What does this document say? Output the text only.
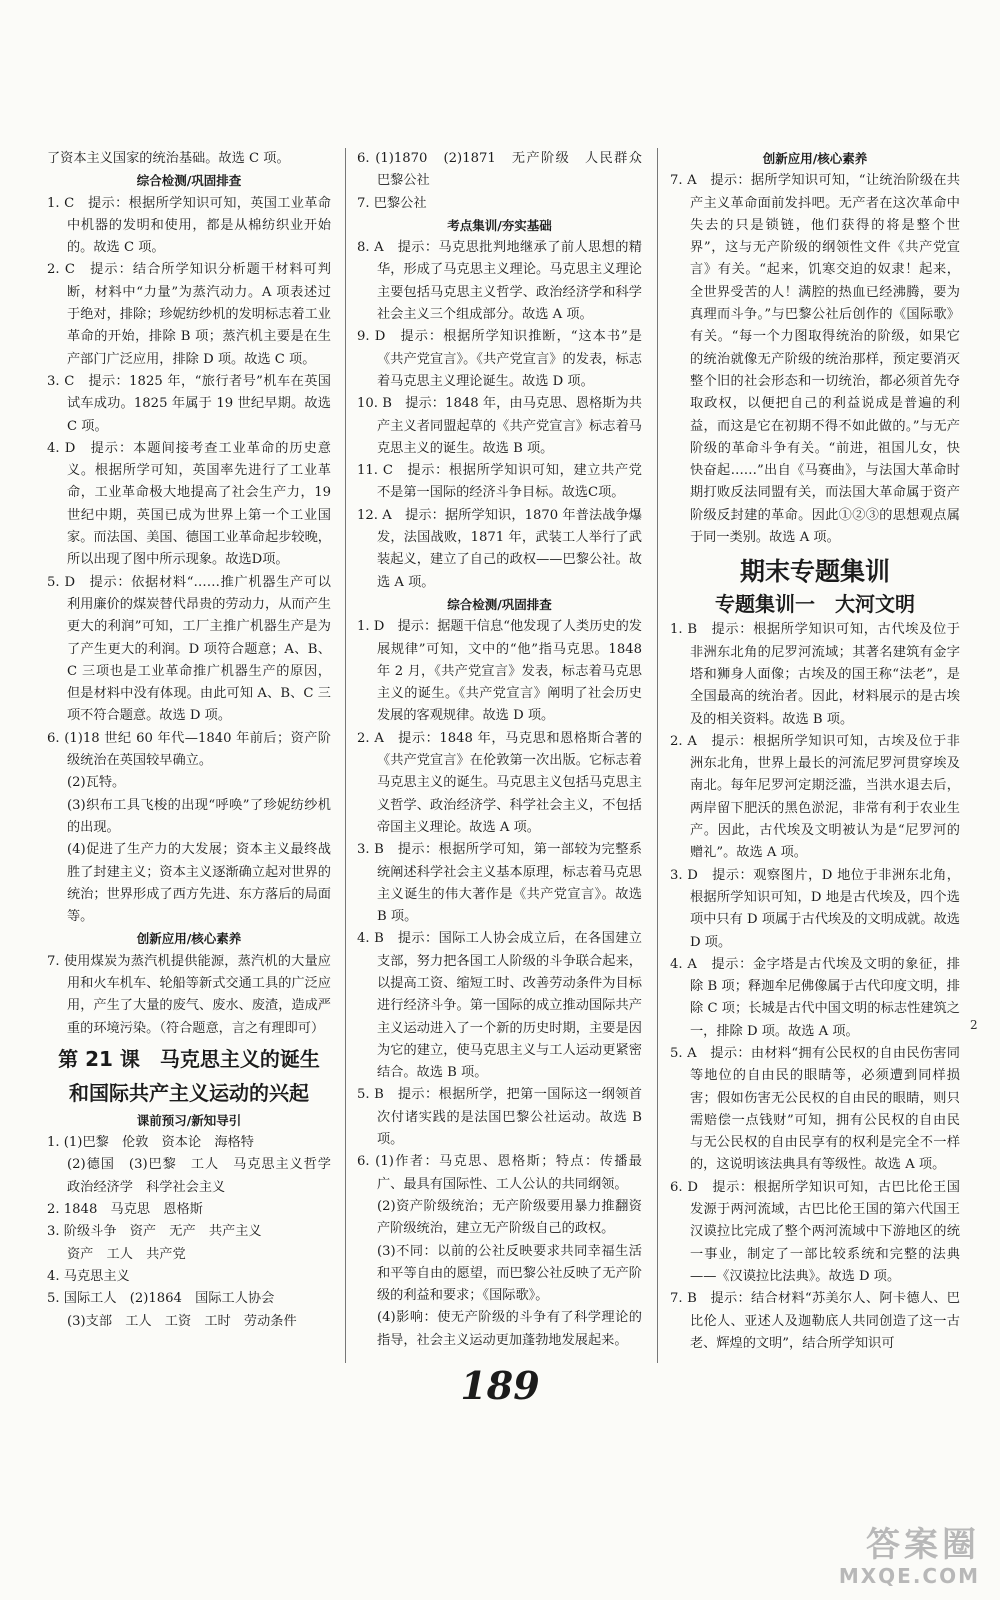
了资本主义国家的统治基础。故选 C 项。
综合检测/巩固排查
1. C　提示：根据所学知识可知，英国工业革命中机器的发明和使用，都是从棉纺织业开始的。故选 C 项。
2. C　提示：结合所学知识分析题干材料可判断，材料中“力量”为蒸汽动力。A 项表述过于绝对，排除；珍妮纺纱机的发明标志着工业革命的开始，排除 B 项；蒸汽机主要是在生产部门广泛应用，排除 D 项。故选 C 项。
3. C　提示：1825 年，“旅行者号”机车在英国试车成功。1825 年属于 19 世纪早期。故选 C 项。
4. D　提示：本题间接考查工业革命的历史意义。根据所学可知，英国率先进行了工业革命，工业革命极大地提高了社会生产力，19 世纪中期，英国已成为世界上第一个工业国家。而法国、美国、德国工业革命起步较晚，所以出现了图中所示现象。故选D项。
5. D　提示：依据材料“……推广机器生产可以利用廉价的煤炭替代昂贵的劳动力，从而产生更大的利润”可知，工厂主推广机器生产是为了产生更大的利润。D 项符合题意；A、B、C 三项也是工业革命推广机器生产的原因，但是材料中没有体现。由此可知 A、B、C 三项不符合题意。故选 D 项。
6. (1)18 世纪 60 年代—1840 年前后；资产阶级统治在英国较早确立。
(2)瓦特。
(3)织布工具飞梭的出现“呼唤”了珍妮纺纱机的出现。
(4)促进了生产力的大发展；资本主义最终战胜了封建主义；资本主义逐渐确立起对世界的统治；世界形成了西方先进、东方落后的局面等。
创新应用/核心素养
7. 使用煤炭为蒸汽机提供能源，蒸汽机的大量应用和火车机车、轮船等新式交通工具的广泛应用，产生了大量的废气、废水、废渣，造成严重的环境污染。（符合题意，言之有理即可）
第 21 课　马克思主义的诞生
和国际共产主义运动的兴起
课前预习/新知导引
1. (1)巴黎　伦敦　资本论　海格特
(2)德国　(3)巴黎　工人　马克思主义哲学　政治经济学　科学社会主义
2. 1848　马克思　恩格斯
3. 阶级斗争　资产　无产　共产主义
资产　工人　共产党
4. 马克思主义
5. 国际工人　(2)1864　国际工人协会
(3)支部　工人　工资　工时　劳动条件
6. (1)1870　(2)1871　无产阶级　人民群众　巴黎公社
7. 巴黎公社
考点集训/夯实基础
8. A　提示：马克思批判地继承了前人思想的精华，形成了马克思主义理论。马克思主义理论主要包括马克思主义哲学、政治经济学和科学社会主义三个组成部分。故选 A 项。
9. D　提示：根据所学知识推断，“这本书”是《共产党宣言》。《共产党宣言》的发表，标志着马克思主义理论诞生。故选 D 项。
10. B　提示：1848 年，由马克思、恩格斯为共产主义者同盟起草的《共产党宣言》标志着马克思主义的诞生。故选 B 项。
11. C　提示：根据所学知识可知，建立共产党不是第一国际的经济斗争目标。故选C项。
12. A　提示：据所学知识，1870 年普法战争爆发，法国战败，1871 年，武装工人举行了武装起义，建立了自己的政权——巴黎公社。故选 A 项。
综合检测/巩固排查
1. D　提示：据题干信息“他发现了人类历史的发展规律”可知，文中的“他”指马克思。1848 年 2 月，《共产党宣言》发表，标志着马克思主义的诞生。《共产党宣言》阐明了社会历史发展的客观规律。故选 D 项。
2. A　提示：1848 年，马克思和恩格斯合著的《共产党宣言》在伦敦第一次出版。它标志着马克思主义的诞生。马克思主义包括马克思主义哲学、政治经济学、科学社会主义，不包括帝国主义理论。故选 A 项。
3. B　提示：根据所学可知，第一部较为完整系统阐述科学社会主义基本原理，标志着马克思主义诞生的伟大著作是《共产党宣言》。故选 B 项。
4. B　提示：国际工人协会成立后，在各国建立支部，努力把各国工人阶级的斗争联合起来，以提高工资、缩短工时、改善劳动条件为目标进行经济斗争。第一国际的成立推动国际共产主义运动进入了一个新的历史时期，主要是因为它的建立，使马克思主义与工人运动更紧密结合。故选 B 项。
5. B　提示：根据所学，把第一国际这一纲领首次付诸实践的是法国巴黎公社运动。故选 B 项。
6. (1)作者：马克思、恩格斯；特点：传播最广、最具有国际性、工人公认的共同纲领。
(2)资产阶级统治；无产阶级要用暴力推翻资产阶级统治，建立无产阶级自己的政权。
(3)不同：以前的公社反映要求共同幸福生活和平等自由的愿望，而巴黎公社反映了无产阶级的利益和要求；《国际歌》。
(4)影响：使无产阶级的斗争有了科学理论的指导，社会主义运动更加蓬勃地发展起来。
创新应用/核心素养
7. A　提示：据所学知识可知，“让统治阶级在共产主义革命面前发抖吧。无产者在这次革命中失去的只是锁链，他们获得的将是整个世界”，这与无产阶级的纲领性文件《共产党宣言》有关。“起来，饥寒交迫的奴隶！起来，全世界受苦的人！满腔的热血已经沸腾，要为真理而斗争。”与巴黎公社后创作的《国际歌》有关。“每一个力图取得统治的阶级，如果它的统治就像无产阶级的统治那样，预定要消灭整个旧的社会形态和一切统治，都必须首先夺取政权，以便把自己的利益说成是普遍的利益，而这是它在初期不得不如此做的。”与无产阶级的革命斗争有关。“前进，祖国儿女，快快奋起……”出自《马赛曲》，与法国大革命时期打败反法同盟有关，而法国大革命属于资产阶级反封建的革命。因此①②③的思想观点属于同一类别。故选 A 项。
期末专题集训
专题集训一　大河文明
1. B　提示：根据所学知识可知，古代埃及位于非洲东北角的尼罗河流域；其著名建筑有金字塔和狮身人面像；古埃及的国王称“法老”，是全国最高的统治者。因此，材料展示的是古埃及的相关资料。故选 B 项。
2. A　提示：根据所学知识可知，古埃及位于非洲东北角，世界上最长的河流尼罗河贯穿埃及南北。每年尼罗河定期泛滥，当洪水退去后，两岸留下肥沃的黑色淤泥，非常有利于农业生产。因此，古代埃及文明被认为是“尼罗河的赠礼”。故选 A 项。
3. D　提示：观察图片，D 地位于非洲东北角，根据所学知识可知，D 地是古代埃及，四个选项中只有 D 项属于古代埃及的文明成就。故选 D 项。
4. A　提示：金字塔是古代埃及文明的象征，排除 B 项；释迦牟尼佛像属于古代印度文明，排除 C 项；长城是古代中国文明的标志性建筑之一，排除 D 项。故选 A 项。
5. A　提示：由材料“拥有公民权的自由民伤害同等地位的自由民的眼睛等，必须遭到同样损害；假如伤害无公民权的自由民的眼睛，则只需赔偿一点钱财”可知，拥有公民权的自由民与无公民权的自由民享有的权利是完全不一样的，这说明该法典具有等级性。故选 A 项。
6. D　提示：根据所学知识可知，古巴比伦王国发源于两河流域，古巴比伦王国的第六代国王汉谟拉比完成了整个两河流域中下游地区的统一事业，制定了一部比较系统和完整的法典——《汉谟拉比法典》。故选 D 项。
7. B　提示：结合材料“苏美尔人、阿卡德人、巴比伦人、亚述人及迦勒底人共同创造了这一古老、辉煌的文明”，结合所学知识可
189
2
答案圈
MXQE.COM
